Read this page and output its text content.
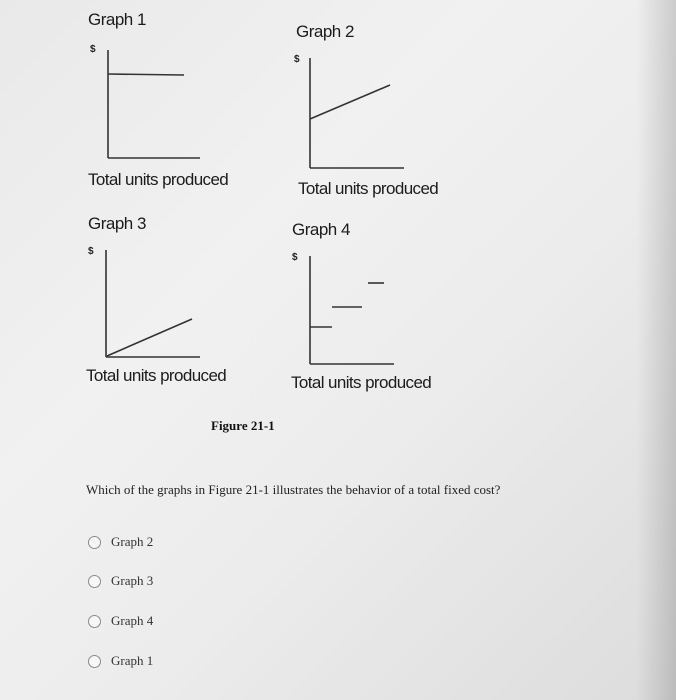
Graph 1
$
Total units produced
Graph 2
$
Total units produced
Graph 3
$
Total units produced
Graph 4
$
Total units produced
Figure 21-1
Which of the graphs in Figure 21-1 illustrates the behavior of a total fixed cost?
Graph 2
Graph 3
Graph 4
Graph 1
